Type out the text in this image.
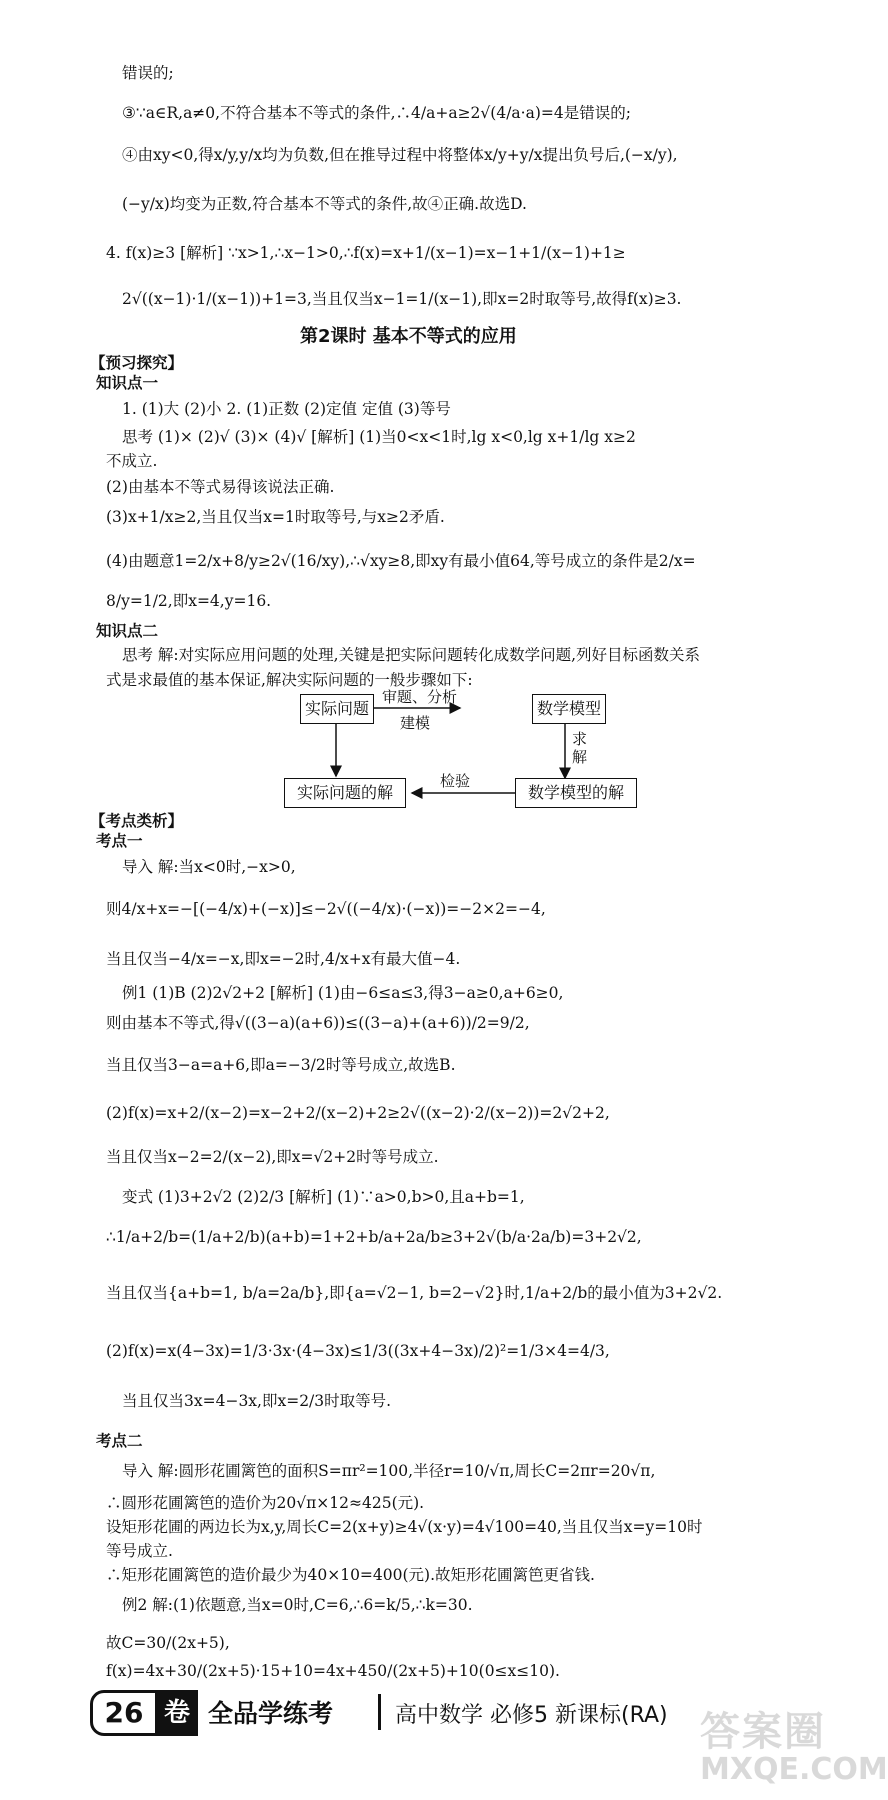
错误的;
③∵a∈R,a≠0,不符合基本不等式的条件,∴4/a+a≥2√(4/a·a)=4是错误的;
④由xy<0,得x/y,y/x均为负数,但在推导过程中将整体x/y+y/x提出负号后,(−x/y),
(−y/x)均变为正数,符合基本不等式的条件,故④正确.故选D.
4. f(x)≥3 [解析] ∵x>1,∴x−1>0,∴f(x)=x+1/(x−1)=x−1+1/(x−1)+1≥
2√((x−1)·1/(x−1))+1=3,当且仅当x−1=1/(x−1),即x=2时取等号,故得f(x)≥3.
第2课时 基本不等式的应用
【预习探究】
知识点一
1. (1)大 (2)小 2. (1)正数 (2)定值 定值 (3)等号
思考 (1)× (2)√ (3)× (4)√ [解析] (1)当0<x<1时,lg x<0,lg x+1/lg x≥2
不成立.
(2)由基本不等式易得该说法正确.
(3)x+1/x≥2,当且仅当x=1时取等号,与x≥2矛盾.
(4)由题意1=2/x+8/y≥2√(16/xy),∴√xy≥8,即xy有最小值64,等号成立的条件是2/x=
8/y=1/2,即x=4,y=16.
知识点二
思考 解:对实际应用问题的处理,关键是把实际问题转化成数学问题,列好目标函数关系
式是求最值的基本保证,解决实际问题的一般步骤如下:
实际问题	数学模型
实际问题的解	数学模型的解
审题、分析
建模
求解
检验
【考点类析】
考点一
导入 解:当x<0时,−x>0,
则4/x+x=−[(−4/x)+(−x)]≤−2√((−4/x)·(−x))=−2×2=−4,
当且仅当−4/x=−x,即x=−2时,4/x+x有最大值−4.
例1 (1)B (2)2√2+2 [解析] (1)由−6≤a≤3,得3−a≥0,a+6≥0,
则由基本不等式,得√((3−a)(a+6))≤((3−a)+(a+6))/2=9/2,
当且仅当3−a=a+6,即a=−3/2时等号成立,故选B.
(2)f(x)=x+2/(x−2)=x−2+2/(x−2)+2≥2√((x−2)·2/(x−2))=2√2+2,
当且仅当x−2=2/(x−2),即x=√2+2时等号成立.
变式 (1)3+2√2 (2)2/3 [解析] (1)∵a>0,b>0,且a+b=1,
∴1/a+2/b=(1/a+2/b)(a+b)=1+2+b/a+2a/b≥3+2√(b/a·2a/b)=3+2√2,
当且仅当{a+b=1, b/a=2a/b},即{a=√2−1, b=2−√2}时,1/a+2/b的最小值为3+2√2.
(2)f(x)=x(4−3x)=1/3·3x·(4−3x)≤1/3((3x+4−3x)/2)²=1/3×4=4/3,
当且仅当3x=4−3x,即x=2/3时取等号.
考点二
导入 解:圆形花圃篱笆的面积S=πr²=100,半径r=10/√π,周长C=2πr=20√π,
∴圆形花圃篱笆的造价为20√π×12≈425(元).
设矩形花圃的两边长为x,y,周长C=2(x+y)≥4√(x·y)=4√100=40,当且仅当x=y=10时
等号成立.
∴矩形花圃篱笆的造价最少为40×10=400(元).故矩形花圃篱笆更省钱.
例2 解:(1)依题意,当x=0时,C=6,∴6=k/5,∴k=30.
故C=30/(2x+5),
f(x)=4x+30/(2x+5)·15+10=4x+450/(2x+5)+10(0≤x≤10).
26 卷 全品学练考	高中数学 必修5 新课标(RA) 答案圈
MXQE.COM
